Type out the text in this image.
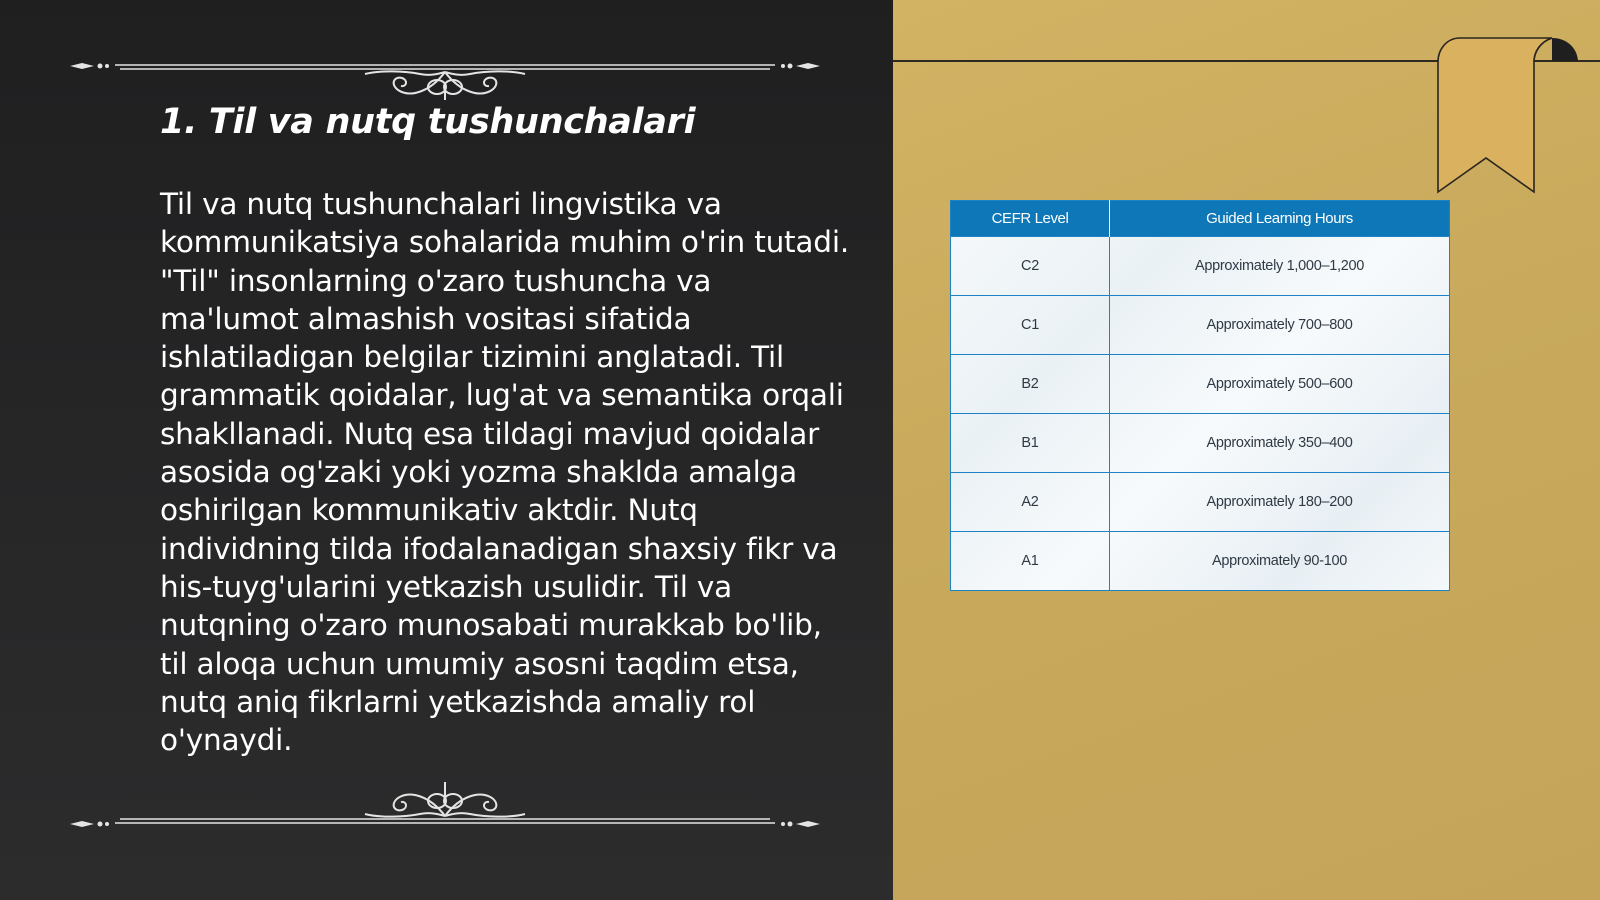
1. Til va nutq tushunchalari

Til va nutq tushunchalari lingvistika va kommunikatsiya sohalarida muhim o'rin tutadi. "Til" insonlarning o'zaro tushuncha va ma'lumot almashish vositasi sifatida ishlatiladigan belgilar tizimini anglatadi. Til grammatik qoidalar, lug'at va semantika orqali shakllanadi. Nutq esa tildagi mavjud qoidalar asosida og'zaki yoki yozma shaklda amalga oshirilgan kommunikativ aktdir. Nutq individning tilda ifodalanadigan shaxsiy fikr va his-tuyg'ularini yetkazish usulidir. Til va nutqning o'zaro munosabati murakkab bo'lib, til aloqa uchun umumiy asosni taqdim etsa, nutq aniq fikrlarni yetkazishda amaliy rol o'ynaydi.

CEFR Level	Guided Learning Hours
C2	Approximately 1,000–1,200
C1	Approximately 700–800
B2	Approximately 500–600
B1	Approximately 350–400
A2	Approximately 180–200
A1	Approximately 90-100
